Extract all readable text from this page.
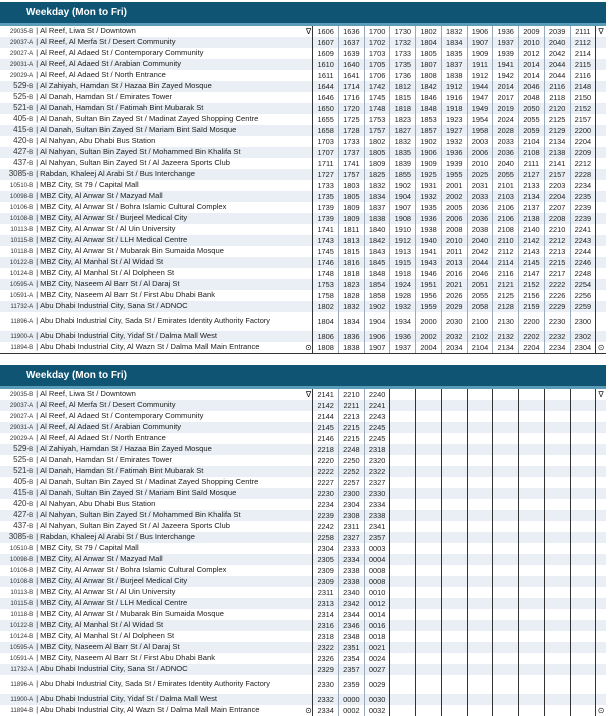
Weekday (Mon to Fri)
29035-B	| Al Reef, Liwa St / Downtown	∇	1606	1636	1700	1730	1802	1832	1906	1936	2009	2039	2111	∇
29037-A	| Al Reef, Al Merfa St / Desert Community		1607	1637	1702	1732	1804	1834	1907	1937	2010	2040	2112	
29027-A	| Al Reef, Al Adaed St / Contemporary Community		1609	1639	1703	1733	1805	1835	1909	1939	2012	2042	2114	
29031-A	| Al Reef, Al Adaed St / Arabian Community		1610	1640	1705	1735	1807	1837	1911	1941	2014	2044	2115	
29029-A	| Al Reef, Al Adaed St / North Entrance		1611	1641	1706	1736	1808	1838	1912	1942	2014	2044	2116	
529-B	| Al Zahiyah, Hamdan St / Hazaa Bin Zayed Mosque		1644	1714	1742	1812	1842	1912	1944	2014	2046	2116	2148	
525-B	| Al Danah, Hamdan St / Emirates Tower		1646	1716	1745	1815	1846	1916	1947	2017	2048	2118	2150	
521-B	| Al Danah, Hamdan St / Fatimah Bint Mubarak St		1650	1720	1748	1818	1848	1918	1949	2019	2050	2120	2152	
405-B	| Al Danah, Sultan Bin Zayed St / Madinat Zayed Shopping Centre		1655	1725	1753	1823	1853	1923	1954	2024	2055	2125	2157	
415-B	| Al Danah, Sultan Bin Zayed St / Mariam Bint Saïd Mosque		1658	1728	1757	1827	1857	1927	1958	2028	2059	2129	2200	
420-B	| Al Nahyan, Abu Dhabi Bus Station		1703	1733	1802	1832	1902	1932	2003	2033	2104	2134	2204	
427-B	| Al Nahyan, Sultan Bin Zayed St / Mohammed Bin Khalifa St		1707	1737	1805	1835	1906	1936	2006	2036	2108	2138	2209	
437-B	| Al Nahyan, Sultan Bin Zayed St / Al Jazeera Sports Club		1711	1741	1809	1839	1909	1939	2010	2040	2111	2141	2212	
3085-B	| Rabdan, Khaleej Al Arabi St / Bus Interchange		1727	1757	1825	1855	1925	1955	2025	2055	2127	2157	2228	
10510-B	| MBZ City, St 79 / Capital Mall		1733	1803	1832	1902	1931	2001	2031	2101	2133	2203	2234	
10098-B	| MBZ City, Al Anwar St / Mazyad Mall		1735	1805	1834	1904	1932	2002	2033	2103	2134	2204	2235	
10106-B	| MBZ City, Al Anwar St / Bohra Islamic Cultural Complex		1739	1809	1837	1907	1935	2005	2036	2106	2137	2207	2239	
10108-B	| MBZ City, Al Anwar St / Burjeel Medical City		1739	1809	1838	1908	1936	2006	2036	2106	2138	2208	2239	
10113-B	| MBZ City, Al Anwar St / Al Uin University		1741	1811	1840	1910	1938	2008	2038	2108	2140	2210	2241	
10115-B	| MBZ City, Al Anwar St / LLH Medical Centre		1743	1813	1842	1912	1940	2010	2040	2110	2142	2212	2243	
10118-B	| MBZ City, Al Anwar St / Mubarak Bin Sumaida Mosque		1745	1815	1843	1913	1941	2011	2042	2112	2143	2213	2244	
10122-B	| MBZ City, Al Manhal St / Al Widad St		1746	1816	1845	1915	1943	2013	2044	2114	2145	2215	2246	
10124-B	| MBZ City, Al Manhal St / Al Dolpheen St		1748	1818	1848	1918	1946	2016	2046	2116	2147	2217	2248	
10595-A	| MBZ City, Naseem Al Barr St / Al Daraj St		1753	1823	1854	1924	1951	2021	2051	2121	2152	2222	2254	
10591-A	| MBZ City, Naseem Al Barr St / First Abu Dhabi Bank		1758	1828	1858	1928	1956	2026	2055	2125	2156	2226	2256	
11732-A	| Abu Dhabi Industrial City, Sana St / ADNOC		1802	1832	1902	1932	1959	2029	2058	2128	2159	2229	2259	
11896-A	| Abu Dhabi Industrial City, Sada St / Emirates Identity Authority Factory		1804	1834	1904	1934	2000	2030	2100	2130	2200	2230	2300	
11900-A	| Abu Dhabi Industrial City, Yidaf St / Dalma Mall West		1806	1836	1906	1936	2002	2032	2102	2132	2202	2232	2302	
11894-B	| Abu Dhabi Industrial City, Al Wazn St / Dalma Mall Main Entrance	⊙	1808	1838	1907	1937	2004	2034	2104	2134	2204	2234	2304	⊙
Weekday (Mon to Fri)
29035-B	| Al Reef, Liwa St / Downtown	∇	2141	2210	2240									∇
29037-A	| Al Reef, Al Merfa St / Desert Community		2142	2211	2241									
29027-A	| Al Reef, Al Adaed St / Contemporary Community		2144	2213	2243									
29031-A	| Al Reef, Al Adaed St / Arabian Community		2145	2215	2245									
29029-A	| Al Reef, Al Adaed St / North Entrance		2146	2215	2245									
529-B	| Al Zahiyah, Hamdan St / Hazaa Bin Zayed Mosque		2218	2248	2318									
525-B	| Al Danah, Hamdan St / Emirates Tower		2220	2250	2320									
521-B	| Al Danah, Hamdan St / Fatimah Bint Mubarak St		2222	2252	2322									
405-B	| Al Danah, Sultan Bin Zayed St / Madinat Zayed Shopping Centre		2227	2257	2327									
415-B	| Al Danah, Sultan Bin Zayed St / Mariam Bint Saïd Mosque		2230	2300	2330									
420-B	| Al Nahyan, Abu Dhabi Bus Station		2234	2304	2334									
427-B	| Al Nahyan, Sultan Bin Zayed St / Mohammed Bin Khalifa St		2239	2308	2338									
437-B	| Al Nahyan, Sultan Bin Zayed St / Al Jazeera Sports Club		2242	2311	2341									
3085-B	| Rabdan, Khaleej Al Arabi St / Bus Interchange		2258	2327	2357									
10510-B	| MBZ City, St 79 / Capital Mall		2304	2333	0003									
10098-B	| MBZ City, Al Anwar St / Mazyad Mall		2305	2334	0004									
10106-B	| MBZ City, Al Anwar St / Bohra Islamic Cultural Complex		2309	2338	0008									
10108-B	| MBZ City, Al Anwar St / Burjeel Medical City		2309	2338	0008									
10113-B	| MBZ City, Al Anwar St / Al Uin University		2311	2340	0010									
10115-B	| MBZ City, Al Anwar St / LLH Medical Centre		2313	2342	0012									
10118-B	| MBZ City, Al Anwar St / Mubarak Bin Sumaida Mosque		2314	2344	0014									
10122-B	| MBZ City, Al Manhal St / Al Widad St		2316	2346	0016									
10124-B	| MBZ City, Al Manhal St / Al Dolpheen St		2318	2348	0018									
10595-A	| MBZ City, Naseem Al Barr St / Al Daraj St		2322	2351	0021									
10591-A	| MBZ City, Naseem Al Barr St / First Abu Dhabi Bank		2326	2354	0024									
11732-A	| Abu Dhabi Industrial City, Sana St / ADNOC		2329	2357	0027									
11896-A	| Abu Dhabi Industrial City, Sada St / Emirates Identity Authority Factory		2330	2359	0029									
11900-A	| Abu Dhabi Industrial City, Yidaf St / Dalma Mall West		2332	0000	0030									
11894-B	| Abu Dhabi Industrial City, Al Wazn St / Dalma Mall Main Entrance	⊙	2334	0002	0032									⊙
